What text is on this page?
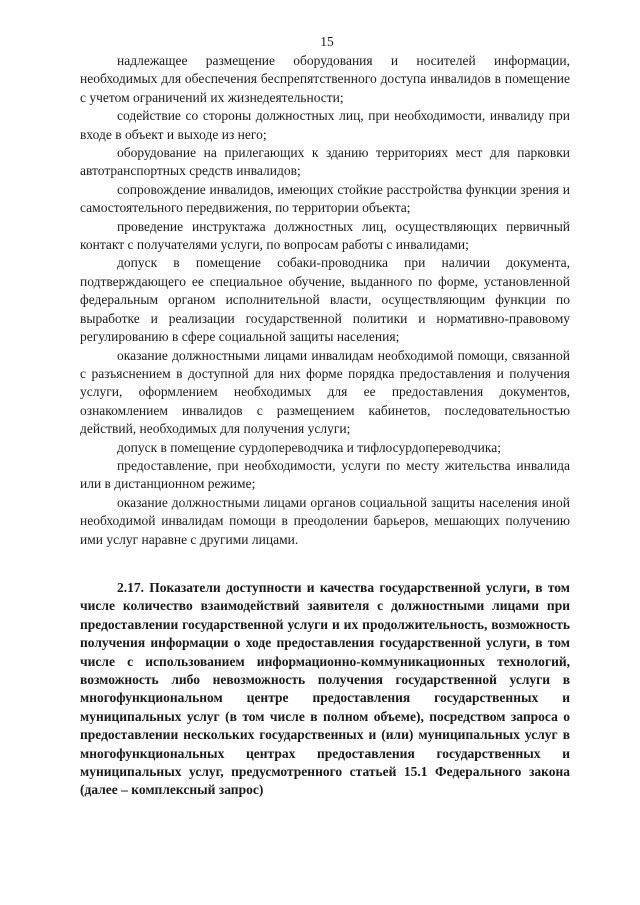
15

надлежащее размещение оборудования и носителей информации, необходимых для обеспечения беспрепятственного доступа инвалидов в помещение с учетом ограничений их жизнедеятельности;

содействие со стороны должностных лиц, при необходимости, инвалиду при входе в объект и выходе из него;

оборудование на прилегающих к зданию территориях мест для парковки автотранспортных средств инвалидов;

сопровождение инвалидов, имеющих стойкие расстройства функции зрения и самостоятельного передвижения, по территории объекта;

проведение инструктажа должностных лиц, осуществляющих первичный контакт с получателями услуги, по вопросам работы с инвалидами;

допуск в помещение собаки-проводника при наличии документа, подтверждающего ее специальное обучение, выданного по форме, установленной федеральным органом исполнительной власти, осуществляющим функции по выработке и реализации государственной политики и нормативно-правовому регулированию в сфере социальной защиты населения;

оказание должностными лицами инвалидам необходимой помощи, связанной с разъяснением в доступной для них форме порядка предоставления и получения услуги, оформлением необходимых для ее предоставления документов, ознакомлением инвалидов с размещением кабинетов, последовательностью действий, необходимых для получения услуги;

допуск в помещение сурдопереводчика и тифлосурдопереводчика;

предоставление, при необходимости, услуги по месту жительства инвалида или в дистанционном режиме;

оказание должностными лицами органов социальной защиты населения иной необходимой инвалидам помощи в преодолении барьеров, мешающих получению ими услуг наравне с другими лицами.

2.17. Показатели доступности и качества государственной услуги, в том числе количество взаимодействий заявителя с должностными лицами при предоставлении государственной услуги и их продолжительность, возможность получения информации о ходе предоставления государственной услуги, в том числе с использованием информационно-коммуникационных технологий, возможность либо невозможность получения государственной услуги в многофункциональном центре предоставления государственных и муниципальных услуг (в том числе в полном объеме), посредством запроса о предоставлении нескольких государственных и (или) муниципальных услуг в многофункциональных центрах предоставления государственных и муниципальных услуг, предусмотренного статьей 15.1 Федерального закона (далее – комплексный запрос)
